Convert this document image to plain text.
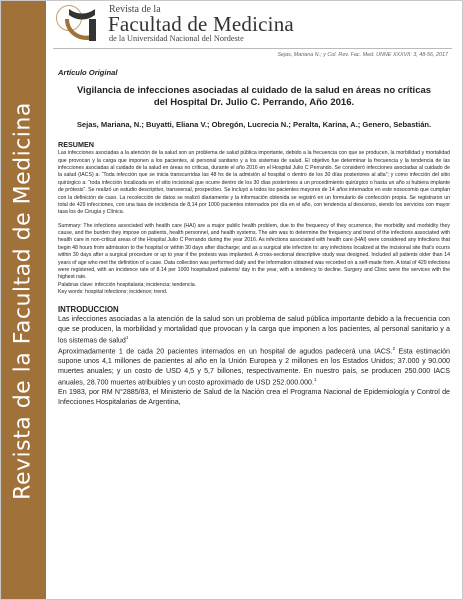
Revista de la Facultad de Medicina
Revista de la
Facultad de Medicina
de la Universidad Nacional del Nordeste
Sejas, Mariana N.; y Col. Rev. Fac. Med. UNNE XXXVII: 3, 48-56, 2017

Artículo Original

Vigilancia de infecciones asociadas al cuidado de la salud en áreas no críticas del Hospital Dr. Julio C. Perrando, Año 2016.
Sejas, Mariana, N.; Buyatti, Eliana V.; Obregón, Lucrecia N.; Peralta, Karina, A.; Genero, Sebastián.
RESUMEN

Las infecciones asociadas a la atención de la salud son un problema de salud pública importante, debido a la frecuencia con que se producen, la morbilidad y mortalidad que provocan y la carga que imponen a los pacientes, al personal sanitario y a los sistemas de salud. El objetivo fue determinar la frecuencia y la tendencia de las infecciones asociadas al cuidado de la salud en áreas no críticas, durante el año 2016 en el Hospital Julio C Perrando. Se consideró infecciones asociadas al cuidado de la salud (IACS) a: “Toda infección que se inicia transcurridas las 48 hs de la admisión al hospital o dentro de los 30 días posteriores al alta”; y como infección del sitio quirúrgico a: “toda infección localizada en el sitio incisional que ocurre dentro de los 30 días posteriores a un procedimiento quirúrgico o hasta un año si hubiera implante de prótesis”. Se realizó un estudio descriptivo, transversal, prospectivo. Se incluyó a todos los pacientes mayores de 14 años internados en este nosocomio que cumplan con la definición de caso. La recolección de datos se realizó diariamente y la información obtenida se registró en un formulario de confección propia. Se registraron un total de 429 infecciones, con una tasa de incidencia de 8,14 por 1000 pacientes internados por día en el año, con tendencia al descenso, siendo los servicios con mayor tasa los de Cirugía y Clínica.

Summary: The infections associated with health care (HAI) are a major public health problem, due to the frequency of they ocurrence, the morbidity and morbidity they cause, and the burden they impose on patients, health personnel, and health systems. The aim was to determine the frequency and trend of the infections associated with health care in non-critical areas of the Hospital Julio C Perrando during the year 2016. As infections associated with health care (HAI) were considered any infections that begin 48 hours from admission to the hospital or within 30 days after discharge; and as a surgical site infection to: any infections localized at the incisional site that's ocurrs within 30 days after a surgical procedure or up to year if the protesis was implanted. A cross-sectional descriptive study was designed. Included all patients older than 14 years of age who met the definition of a case. Data collection was performed daily and the information obtained was recorded on a self-made form. A total of 429 infections were registered, with an incidence rate of 8.14 per 1000 hospitalized patients/ day in the year, with a tendency to decline. Surgery and Clinic were the services with the highest rate.

Palabras clave: infección hospitalaria; incidencia; tendencia.

Key words: hospital infections; incidence; trend.

INTRODUCCION

Las infecciones asociadas a la atención de la salud son un problema de salud pública importante debido a la frecuencia con que se producen, la morbilidad y mortalidad que provocan y la carga que imponen a los pacientes, al personal sanitario y a los sistemas de salud$^1$

Aproximadamente 1 de cada 20 pacientes internados en un hospital de agudos padecerá una IACS.$^2$ Esta estimación supone unos 4,1 millones de pacientes al año en la Unión Europea y 2 millones en los Estados Unidos; 37.000 y 90.000 muertes anuales; y un costo de USD 4,5 y 5,7 billones, respectivamente. En nuestro país, se producen 250.000 IACS anuales, 28.700 muertes atribuibles y un costo aproximado de USD 252.000.000.$^1$

En 1983, por RM N°2885/83, el Ministerio de Salud de la Nación crea el Programa Nacional de Epidemiología y Control de Infecciones Hospitalarias de Argentina,
